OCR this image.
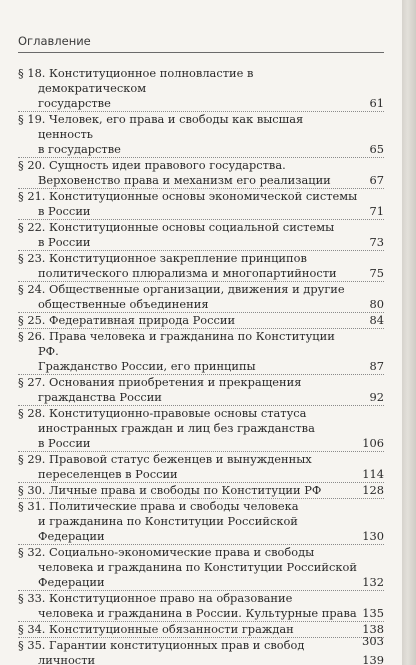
Оглавление
§ 18. Конституционное полновластие в демократическом
государстве	61
§ 19. Человек, его права и свободы как высшая ценность
в государстве	65
§ 20. Сущность идеи правового государства.
Верховенство права и механизм его реализации	67
§ 21. Конституционные основы экономической системы
в России	71
§ 22. Конституционные основы социальной системы
в России	73
§ 23. Конституционное закрепление принципов
политического плюрализма и многопартийности	75
§ 24. Общественные организации, движения и другие
общественные объединения	80
§ 25. Федеративная природа России	84
§ 26. Права человека и гражданина по Конституции РФ.
Гражданство России, его принципы	87
§ 27. Основания приобретения и прекращения
гражданства России	92
§ 28. Конституционно-правовые основы статуса
иностранных граждан и лиц без гражданства
в России	106
§ 29. Правовой статус беженцев и вынужденных
переселенцев в России	114
§ 30. Личные права и свободы по Конституции РФ	128
§ 31. Политические права и свободы человека
и гражданина по Конституции Российской
Федерации	130
§ 32. Социально-экономические права и свободы
человека и гражданина по Конституции Российской
Федерации	132
§ 33. Конституционное право на образование
человека и гражданина в России. Культурные права 135
§ 34. Конституционные обязанности граждан	138
§ 35. Гарантии конституционных прав и свобод
личности	139
303
